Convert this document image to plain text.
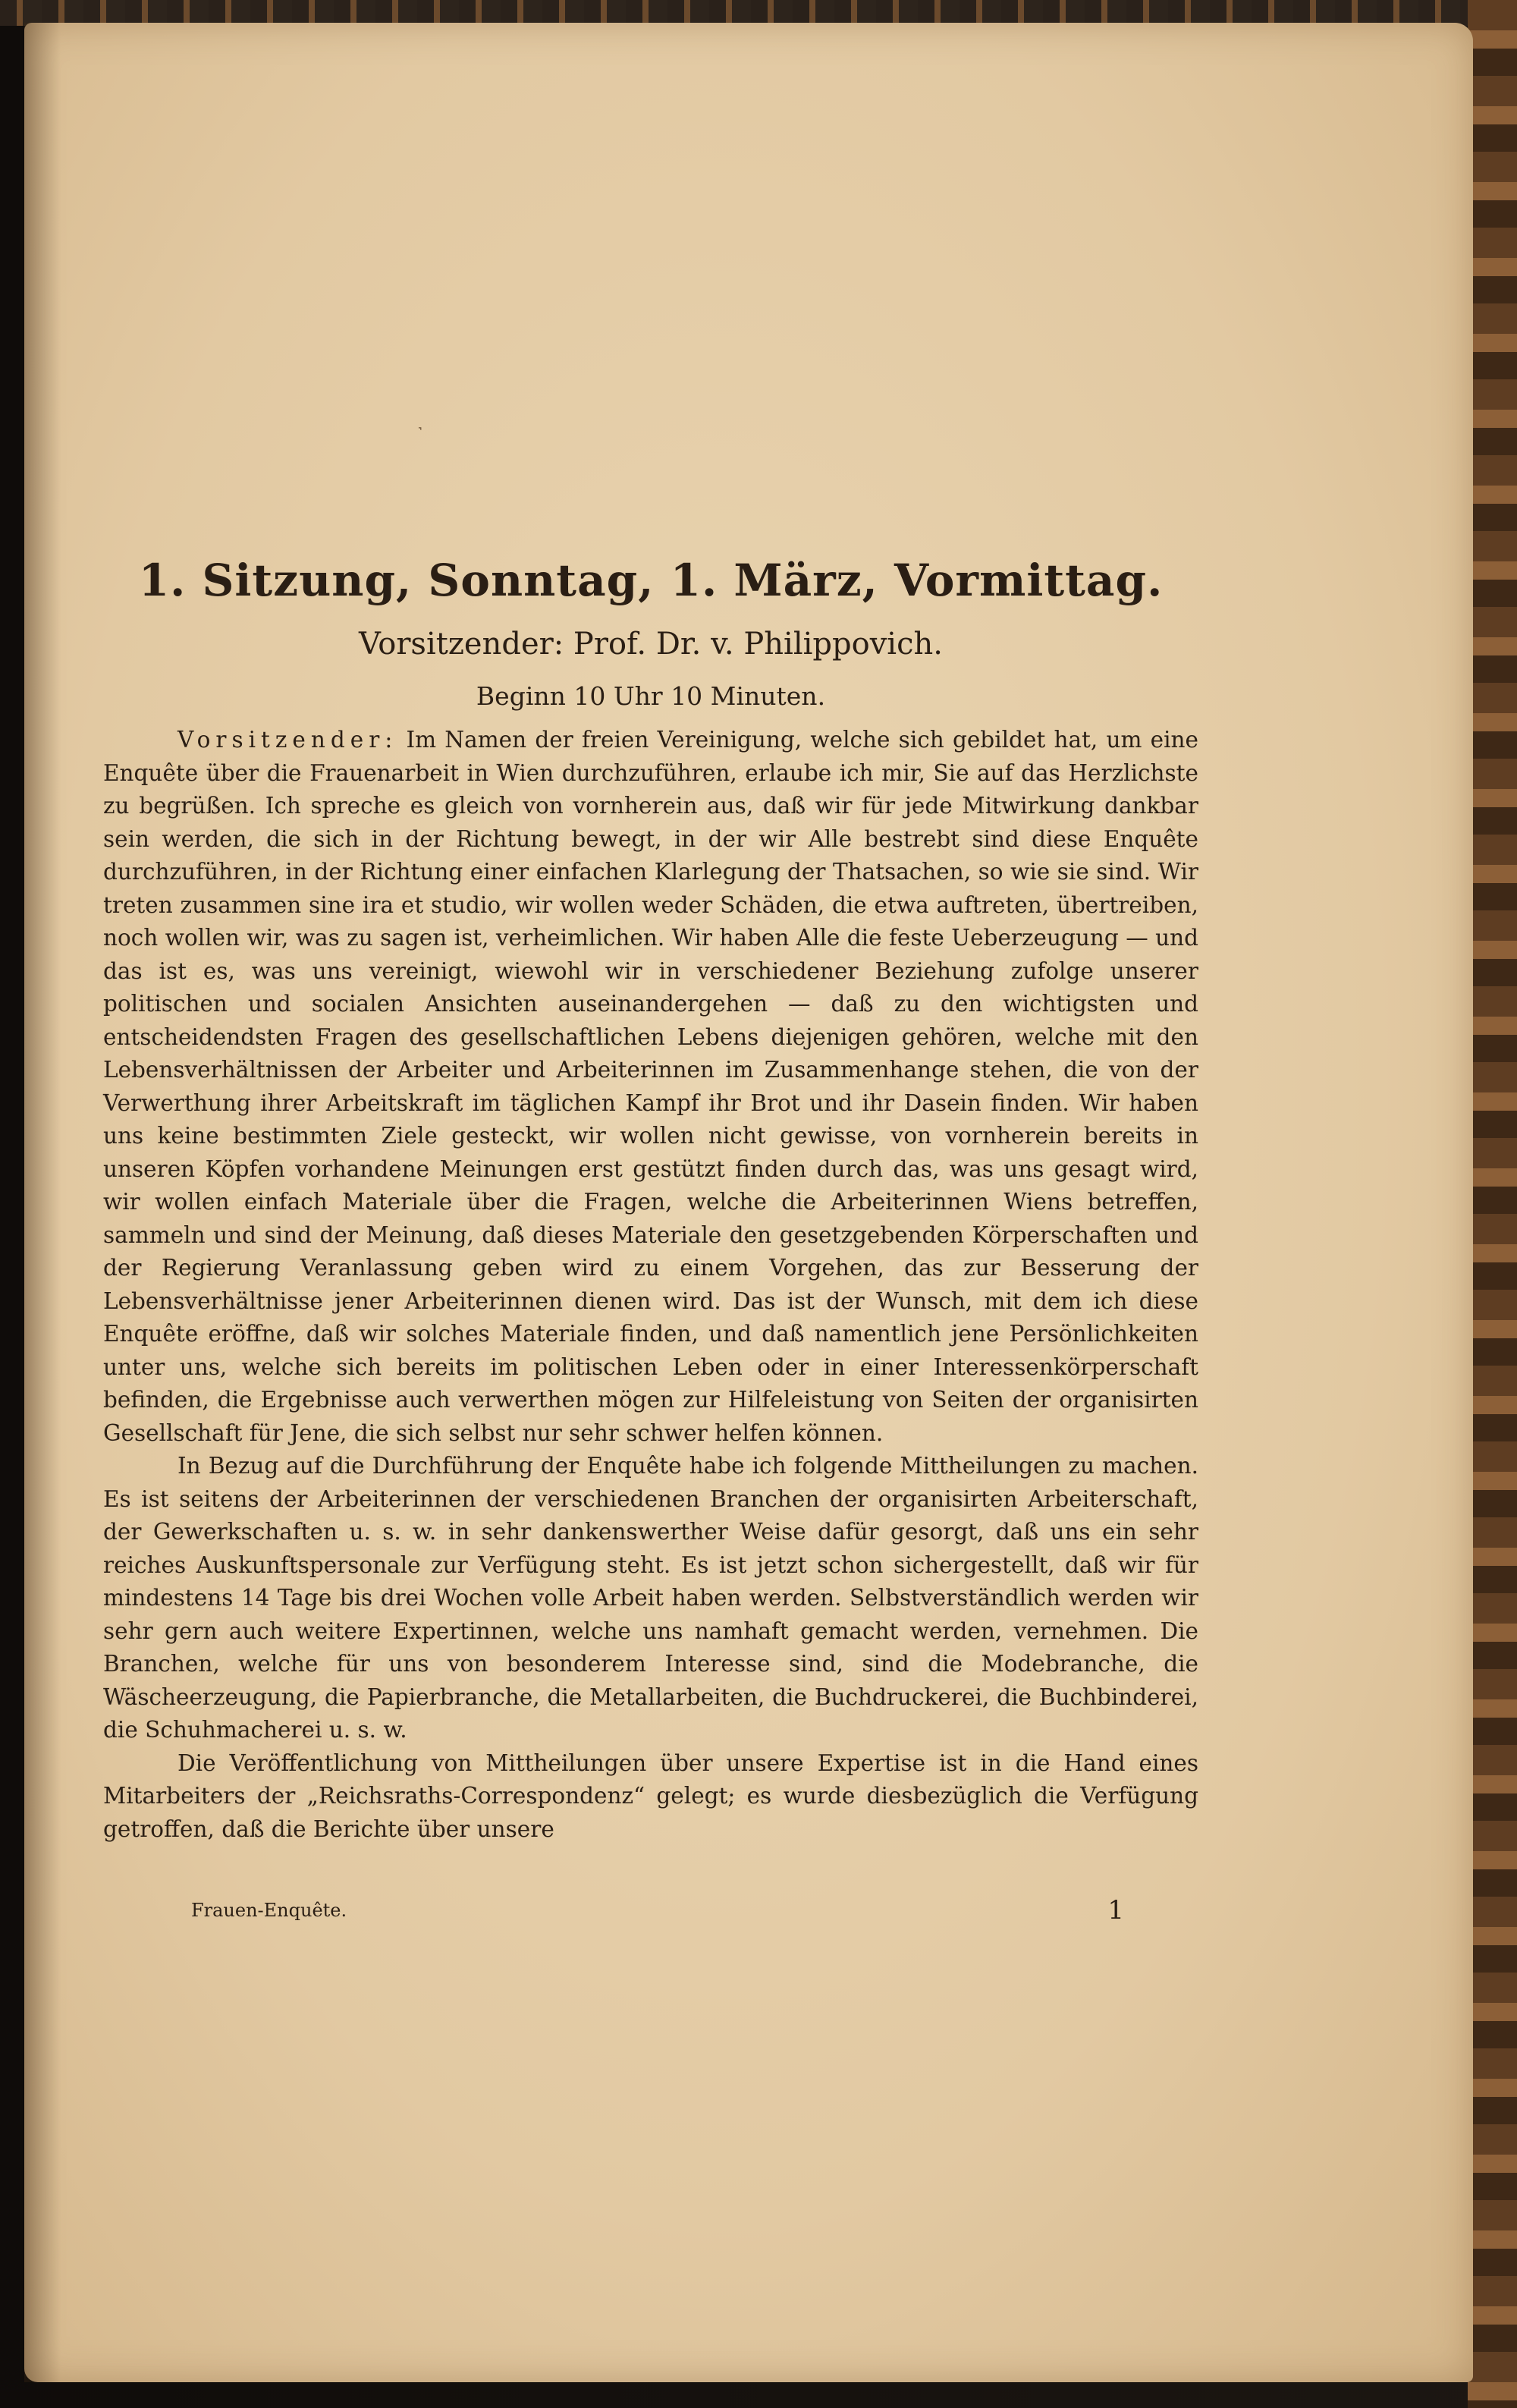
˺
1. Sitzung, Sonntag, 1. März, Vormittag.
Vorsitzender: Prof. Dr. v. Philippovich.
Beginn 10 Uhr 10 Minuten.

Vorsitzender: Im Namen der freien Vereinigung, welche sich gebildet hat, um eine Enquête über die Frauenarbeit in Wien durchzuführen, erlaube ich mir, Sie auf das Herzlichste zu begrüßen. Ich spreche es gleich von vornherein aus, daß wir für jede Mitwirkung dankbar sein werden, die sich in der Richtung bewegt, in der wir Alle bestrebt sind diese Enquête durchzuführen, in der Richtung einer einfachen Klarlegung der Thatsachen, so wie sie sind. Wir treten zusammen sine ira et studio, wir wollen weder Schäden, die etwa auftreten, übertreiben, noch wollen wir, was zu sagen ist, verheimlichen. Wir haben Alle die feste Ueberzeugung — und das ist es, was uns vereinigt, wiewohl wir in verschiedener Beziehung zufolge unserer politischen und socialen Ansichten auseinandergehen — daß zu den wichtigsten und entscheidendsten Fragen des gesellschaftlichen Lebens diejenigen gehören, welche mit den Lebensverhältnissen der Arbeiter und Arbeiterinnen im Zusammenhange stehen, die von der Verwerthung ihrer Arbeitskraft im täglichen Kampf ihr Brot und ihr Dasein finden. Wir haben uns keine bestimmten Ziele gesteckt, wir wollen nicht gewisse, von vornherein bereits in unseren Köpfen vorhandene Meinungen erst gestützt finden durch das, was uns gesagt wird, wir wollen einfach Materiale über die Fragen, welche die Arbeiterinnen Wiens betreffen, sammeln und sind der Meinung, daß dieses Materiale den gesetzgebenden Körperschaften und der Regierung Veranlassung geben wird zu einem Vorgehen, das zur Besserung der Lebensverhältnisse jener Arbeiterinnen dienen wird. Das ist der Wunsch, mit dem ich diese Enquête eröffne, daß wir solches Materiale finden, und daß namentlich jene Persönlichkeiten unter uns, welche sich bereits im politischen Leben oder in einer Interessenkörperschaft befinden, die Ergebnisse auch verwerthen mögen zur Hilfeleistung von Seiten der organisirten Gesellschaft für Jene, die sich selbst nur sehr schwer helfen können.

In Bezug auf die Durchführung der Enquête habe ich folgende Mittheilungen zu machen. Es ist seitens der Arbeiterinnen der verschiedenen Branchen der organisirten Arbeiterschaft, der Gewerkschaften u. s. w. in sehr dankenswerther Weise dafür gesorgt, daß uns ein sehr reiches Auskunftspersonale zur Verfügung steht. Es ist jetzt schon sichergestellt, daß wir für mindestens 14 Tage bis drei Wochen volle Arbeit haben werden. Selbstverständlich werden wir sehr gern auch weitere Expertinnen, welche uns namhaft gemacht werden, vernehmen. Die Branchen, welche für uns von besonderem Interesse sind, sind die Modebranche, die Wäscheerzeugung, die Papierbranche, die Metallarbeiten, die Buchdruckerei, die Buchbinderei, die Schuhmacherei u. s. w.

Die Veröffentlichung von Mittheilungen über unsere Expertise ist in die Hand eines Mitarbeiters der „Reichsraths-Correspondenz“ gelegt; es wurde diesbezüglich die Verfügung getroffen, daß die Berichte über unsere

Frauen-Enquête.	1
